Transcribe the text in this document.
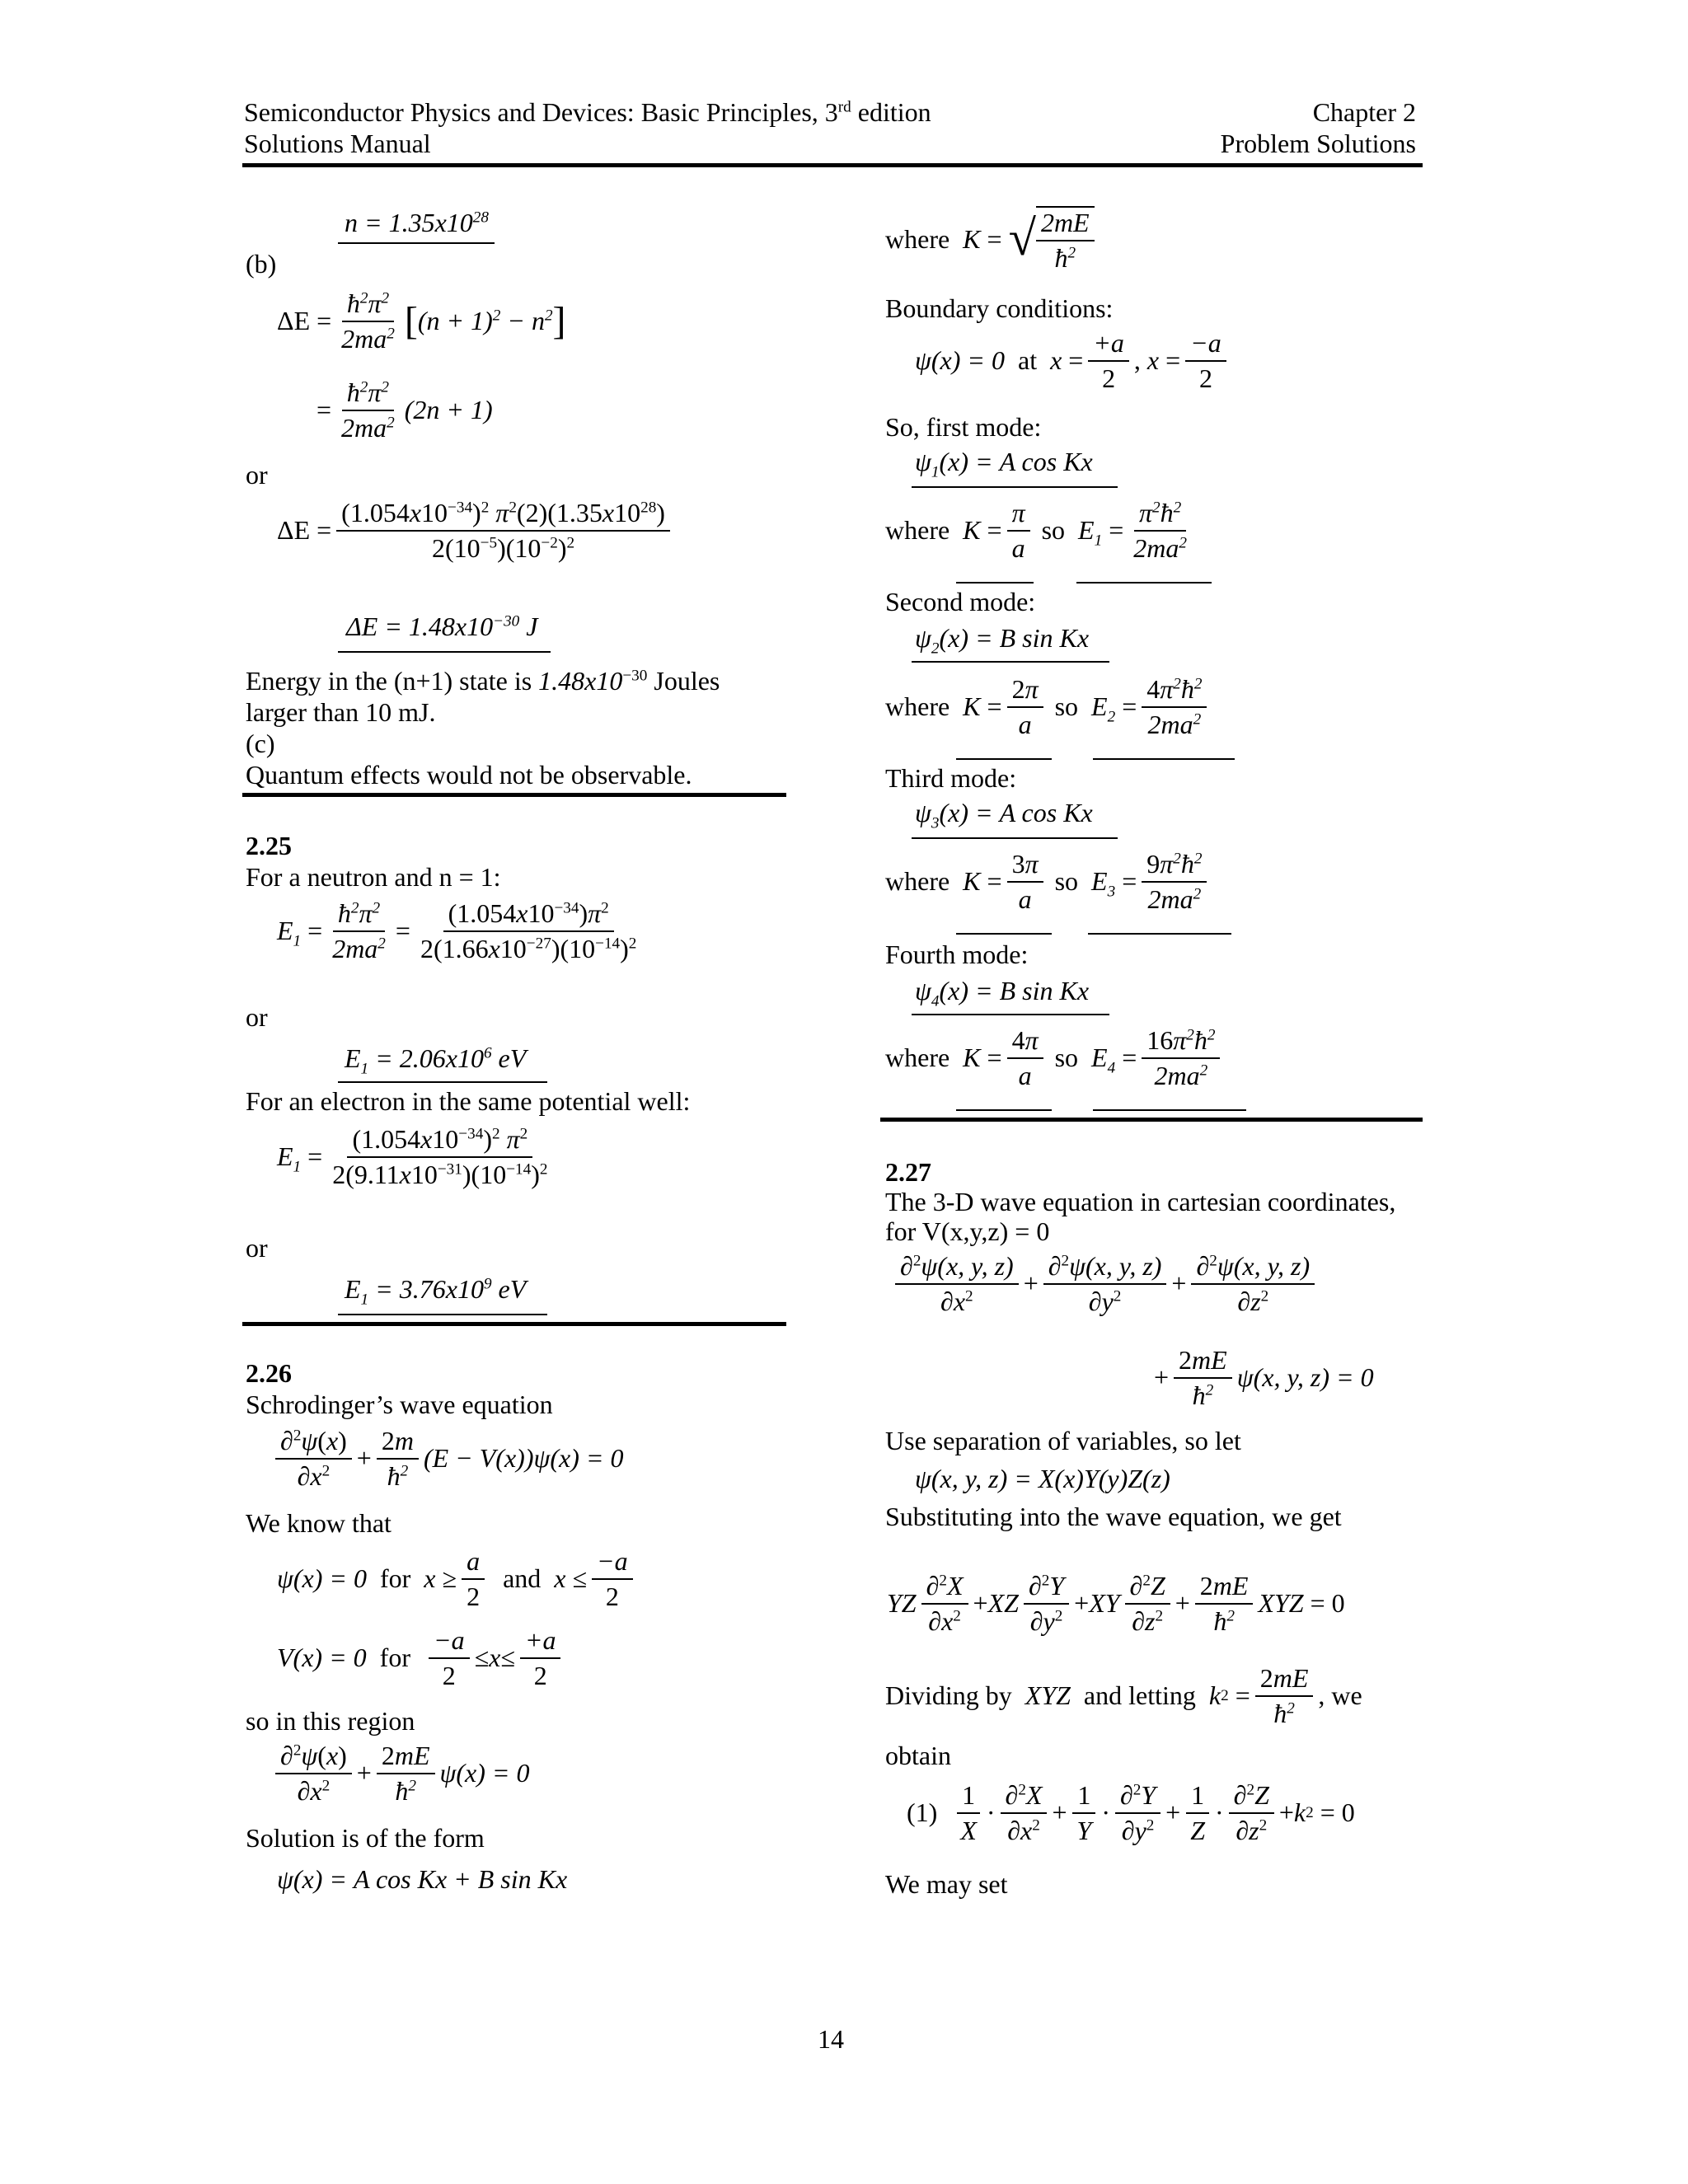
Semiconductor Physics and Devices: Basic Principles, 3rd edition
Solutions Manual
Chapter 2
Problem Solutions
$n = 1.35x10^{28}$
(b)
$\Delta E = \frac{ħ^2\pi^2}{2ma^2}$ [ $(n + 1)^2 - n^2$ ]
= $\frac{ħ^2\pi^2}{2ma^2} (2n + 1)$
or
$\Delta E = \frac{(1.054x10^{-34})^2 \pi^2(2)(1.35x10^{28})}{2(10^{-5})(10^{-2})^2}$
$\Delta E = 1.48x10^{-30}$ J
Energy in the (n+1) state is $1.48x10^{-30}$ Joules
larger than 10 mJ.
(c)
Quantum effects would not be observable.
2.25
For a neutron and n = 1:
$E_1 = \frac{ħ^2\pi^2}{2ma^2} = \frac{(1.054x10^{-34})\pi^2}{2(1.66x10^{-27})(10^{-14})^2}$
or
$E_1 = 2.06x10^6$ eV
For an electron in the same potential well:
$E_1 = \frac{(1.054x10^{-34})^2 \pi^2}{2(9.11x10^{-31})(10^{-14})^2}$
or
$E_1 = 3.76x10^9$ eV
2.26
Schrodinger’s wave equation
$\frac{\partial^2\psi(x)}{\partial x^2} + \frac{2m}{ħ^2} (E - V(x))\psi(x) = 0$
We know that
ψ(x) = 0
for
$x \ge \frac{a}{2}$
and
$x \le \frac{-a}{2}$
V(x) = 0
for
$\frac{-a}{2} \le x \le \frac{+a}{2}$
so in this region
$\frac{\partial^2\psi(x)}{\partial x^2} + \frac{2mE}{ħ^2} \psi(x) = 0$
Solution is of the form
ψ(x) = A cos Kx + B sin Kx
where
K = √ $\frac{2mE}{ħ^2}$
Boundary conditions:
ψ(x) = 0
at
$x = \frac{+a}{2}$ , $x = \frac{-a}{2}$
So, first mode:
$\psi_1(x) = A$ cos Kx
where
$K = \frac{\pi}{a}$
so
$E_1 = \frac{\pi^2ħ^2}{2ma^2}$
Second mode:
$\psi_2(x) = B$ sin Kx
where
$K = \frac{2\pi}{a}$
so
$E_2 = \frac{4\pi^2ħ^2}{2ma^2}$
Third mode:
$\psi_3(x) = A$ cos Kx
where
$K = \frac{3\pi}{a}$
so
$E_3 = \frac{9\pi^2ħ^2}{2ma^2}$
Fourth mode:
$\psi_4(x) = B$ sin Kx
where
$K = \frac{4\pi}{a}$
so
$E_4 = \frac{16\pi^2ħ^2}{2ma^2}$
2.27
The 3-D wave equation in cartesian coordinates,
for V(x,y,z) = 0
$\frac{\partial^2\psi(x, y, z)}{\partial x^2} + \frac{\partial^2\psi(x, y, z)}{\partial y^2} + \frac{\partial^2\psi(x, y, z)}{\partial z^2}$
+ $\frac{2mE}{ħ^2} \psi(x$, y, z) = 0
Use separation of variables, so let
ψ(x, y, z) = X(x)Y(y)Z(z)
Substituting into the wave equation, we get
YZ $\frac{\partial^2X}{\partial x^2}$ + XZ $\frac{\partial^2Y}{\partial y^2}$ + XY $\frac{\partial^2Z}{\partial z^2} + \frac{2mE}{ħ^2}$ XYZ = 0
Dividing by
XYZ
and letting
k $2 = \frac{2mE}{ħ^2}$ , we
obtain
(1)
$\frac{1}{X} \cdot \frac{\partial^2X}{\partial x^2} + \frac{1}{Y} \cdot \frac{\partial^2Y}{\partial y^2} + \frac{1}{Z} \cdot \frac{\partial^2Z}{\partial z^2} + k$ 2 = 0
We may set
14
